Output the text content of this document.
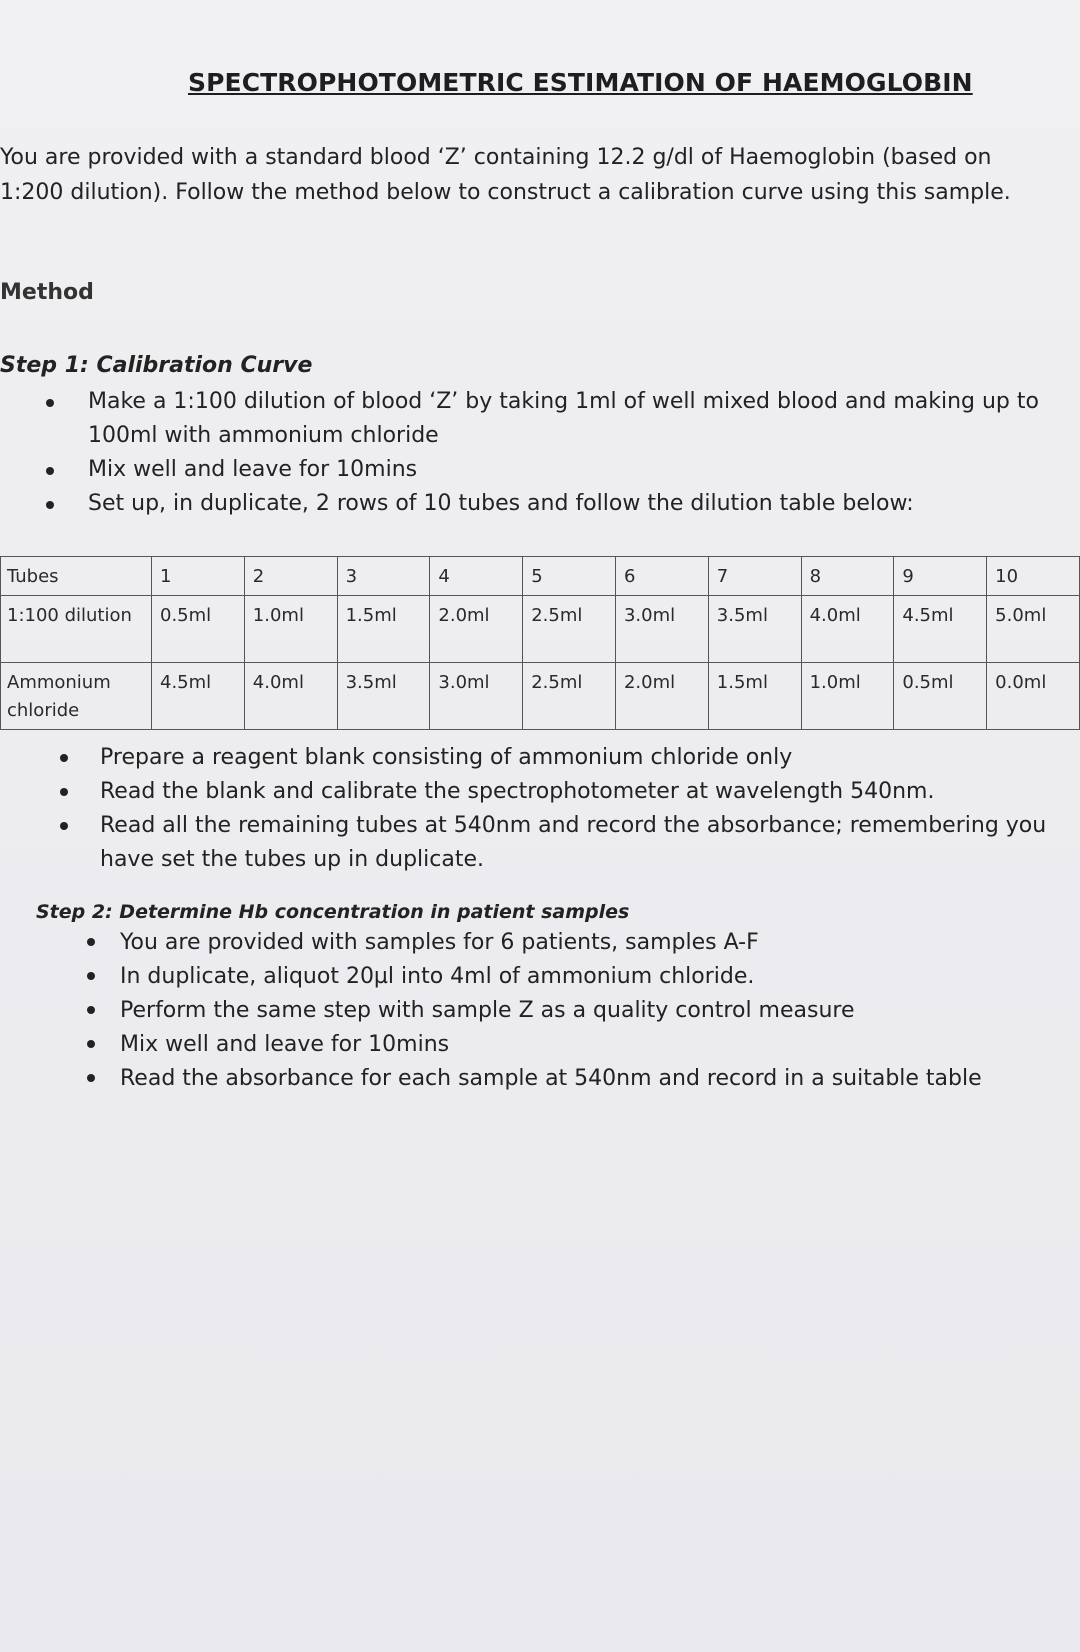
SPECTROPHOTOMETRIC ESTIMATION OF HAEMOGLOBIN
You are provided with a standard blood ‘Z’ containing 12.2 g/dl of Haemoglobin (based on 1:200 dilution). Follow the method below to construct a calibration curve using this sample.
Method
Step 1: Calibration Curve
Make a 1:100 dilution of blood ‘Z’ by taking 1ml of well mixed blood and making up to 100ml with ammonium chloride
Mix well and leave for 10mins
Set up, in duplicate, 2 rows of 10 tubes and follow the dilution table below:
Tubes	1	2	3	4	5	6	7	8	9	10
1:100 dilution	0.5ml	1.0ml	1.5ml	2.0ml	2.5ml	3.0ml	3.5ml	4.0ml	4.5ml	5.0ml
Ammonium chloride	4.5ml	4.0ml	3.5ml	3.0ml	2.5ml	2.0ml	1.5ml	1.0ml	0.5ml	0.0ml
Prepare a reagent blank consisting of ammonium chloride only
Read the blank and calibrate the spectrophotometer at wavelength 540nm.
Read all the remaining tubes at 540nm and record the absorbance; remembering you have set the tubes up in duplicate.
Step 2: Determine Hb concentration in patient samples
You are provided with samples for 6 patients, samples A-F
In duplicate, aliquot 20µl into 4ml of ammonium chloride.
Perform the same step with sample Z as a quality control measure
Mix well and leave for 10mins
Read the absorbance for each sample at 540nm and record in a suitable table
